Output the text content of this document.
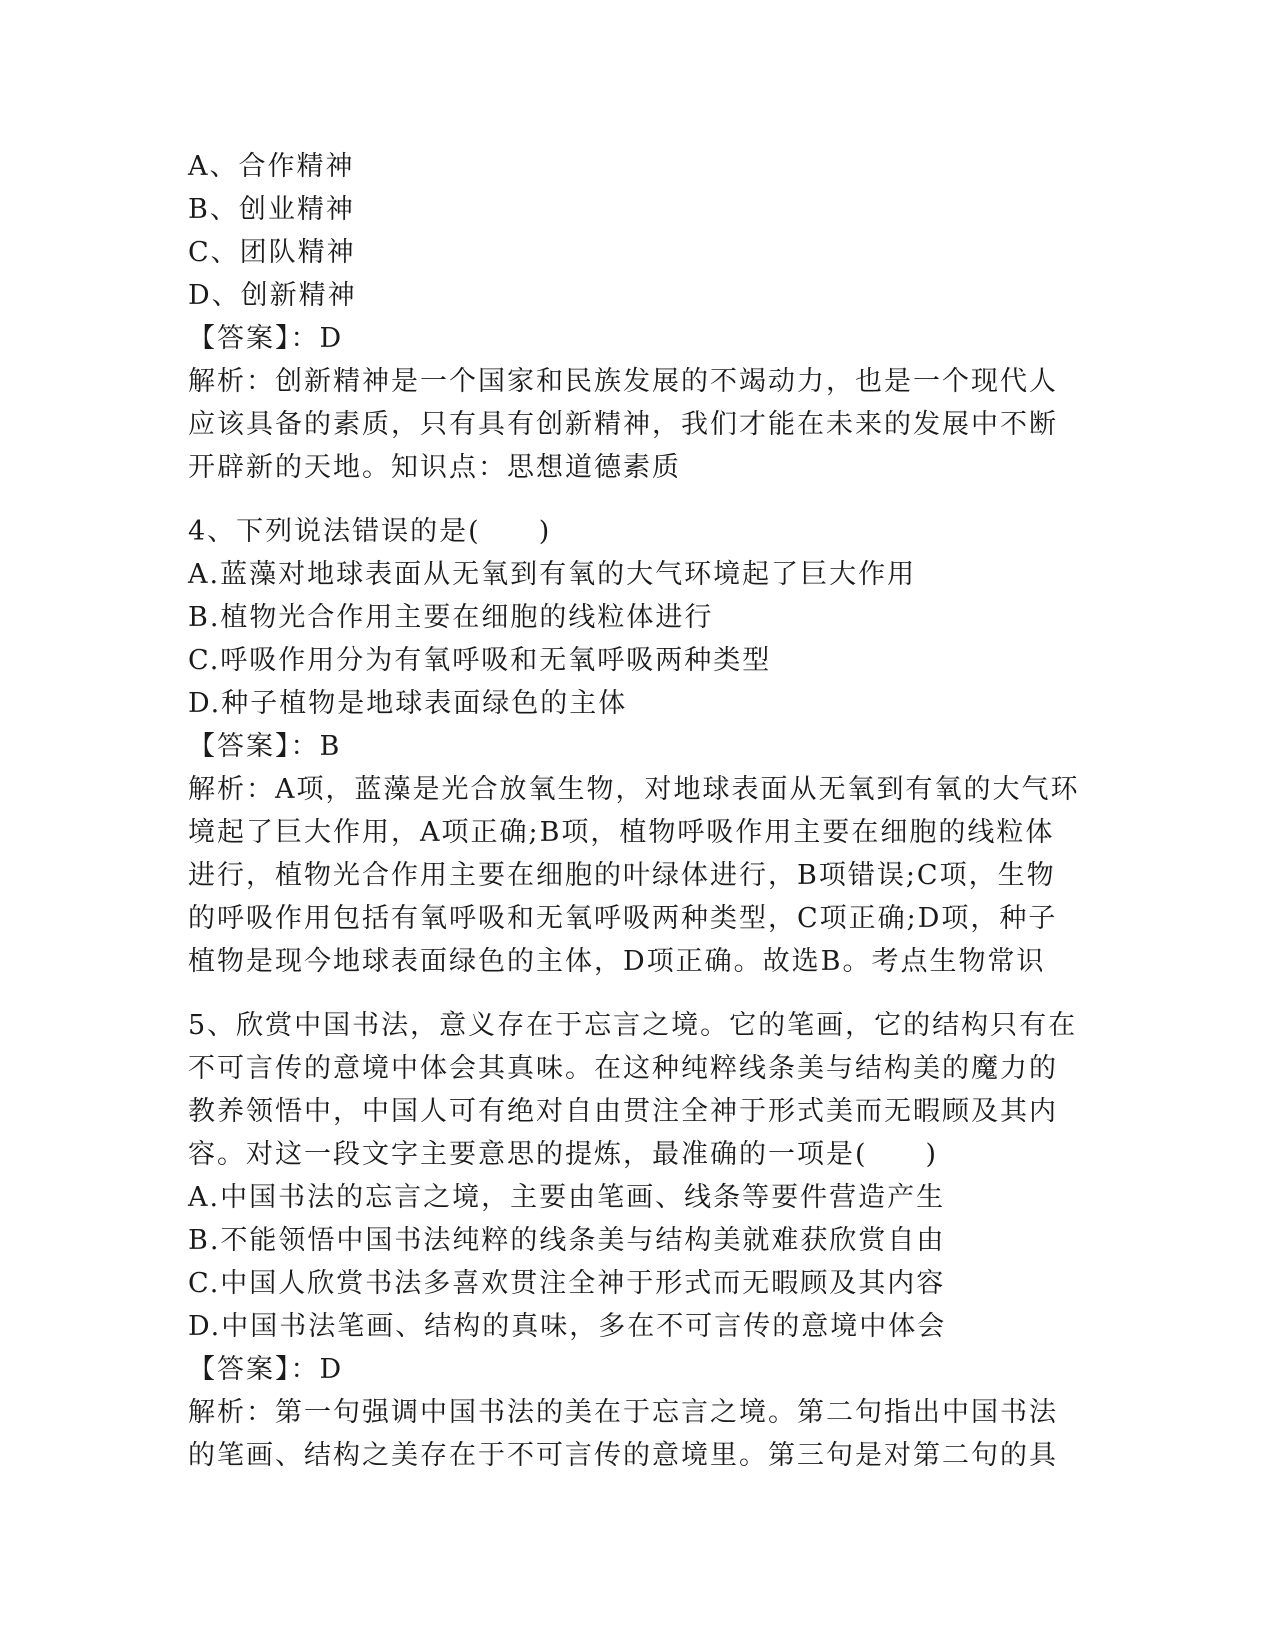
A、合作精神
B、创业精神
C、团队精神
D、创新精神
【答案】：D
解析：创新精神是一个国家和民族发展的不竭动力，也是一个现代人
应该具备的素质，只有具有创新精神，我们才能在未来的发展中不断
开辟新的天地。知识点：思想道德素质
4、下列说法错误的是(　　)
A.蓝藻对地球表面从无氧到有氧的大气环境起了巨大作用
B.植物光合作用主要在细胞的线粒体进行
C.呼吸作用分为有氧呼吸和无氧呼吸两种类型
D.种子植物是地球表面绿色的主体
【答案】：B
解析：A项，蓝藻是光合放氧生物，对地球表面从无氧到有氧的大气环
境起了巨大作用，A项正确;B项，植物呼吸作用主要在细胞的线粒体
进行，植物光合作用主要在细胞的叶绿体进行，B项错误;C项，生物
的呼吸作用包括有氧呼吸和无氧呼吸两种类型，C项正确;D项，种子
植物是现今地球表面绿色的主体，D项正确。故选B。考点生物常识
5、欣赏中国书法，意义存在于忘言之境。它的笔画，它的结构只有在
不可言传的意境中体会其真味。在这种纯粹线条美与结构美的魔力的
教养领悟中，中国人可有绝对自由贯注全神于形式美而无暇顾及其内
容。对这一段文字主要意思的提炼，最准确的一项是(　　)
A.中国书法的忘言之境，主要由笔画、线条等要件营造产生
B.不能领悟中国书法纯粹的线条美与结构美就难获欣赏自由
C.中国人欣赏书法多喜欢贯注全神于形式而无暇顾及其内容
D.中国书法笔画、结构的真味，多在不可言传的意境中体会
【答案】：D
解析：第一句强调中国书法的美在于忘言之境。第二句指出中国书法
的笔画、结构之美存在于不可言传的意境里。第三句是对第二句的具
